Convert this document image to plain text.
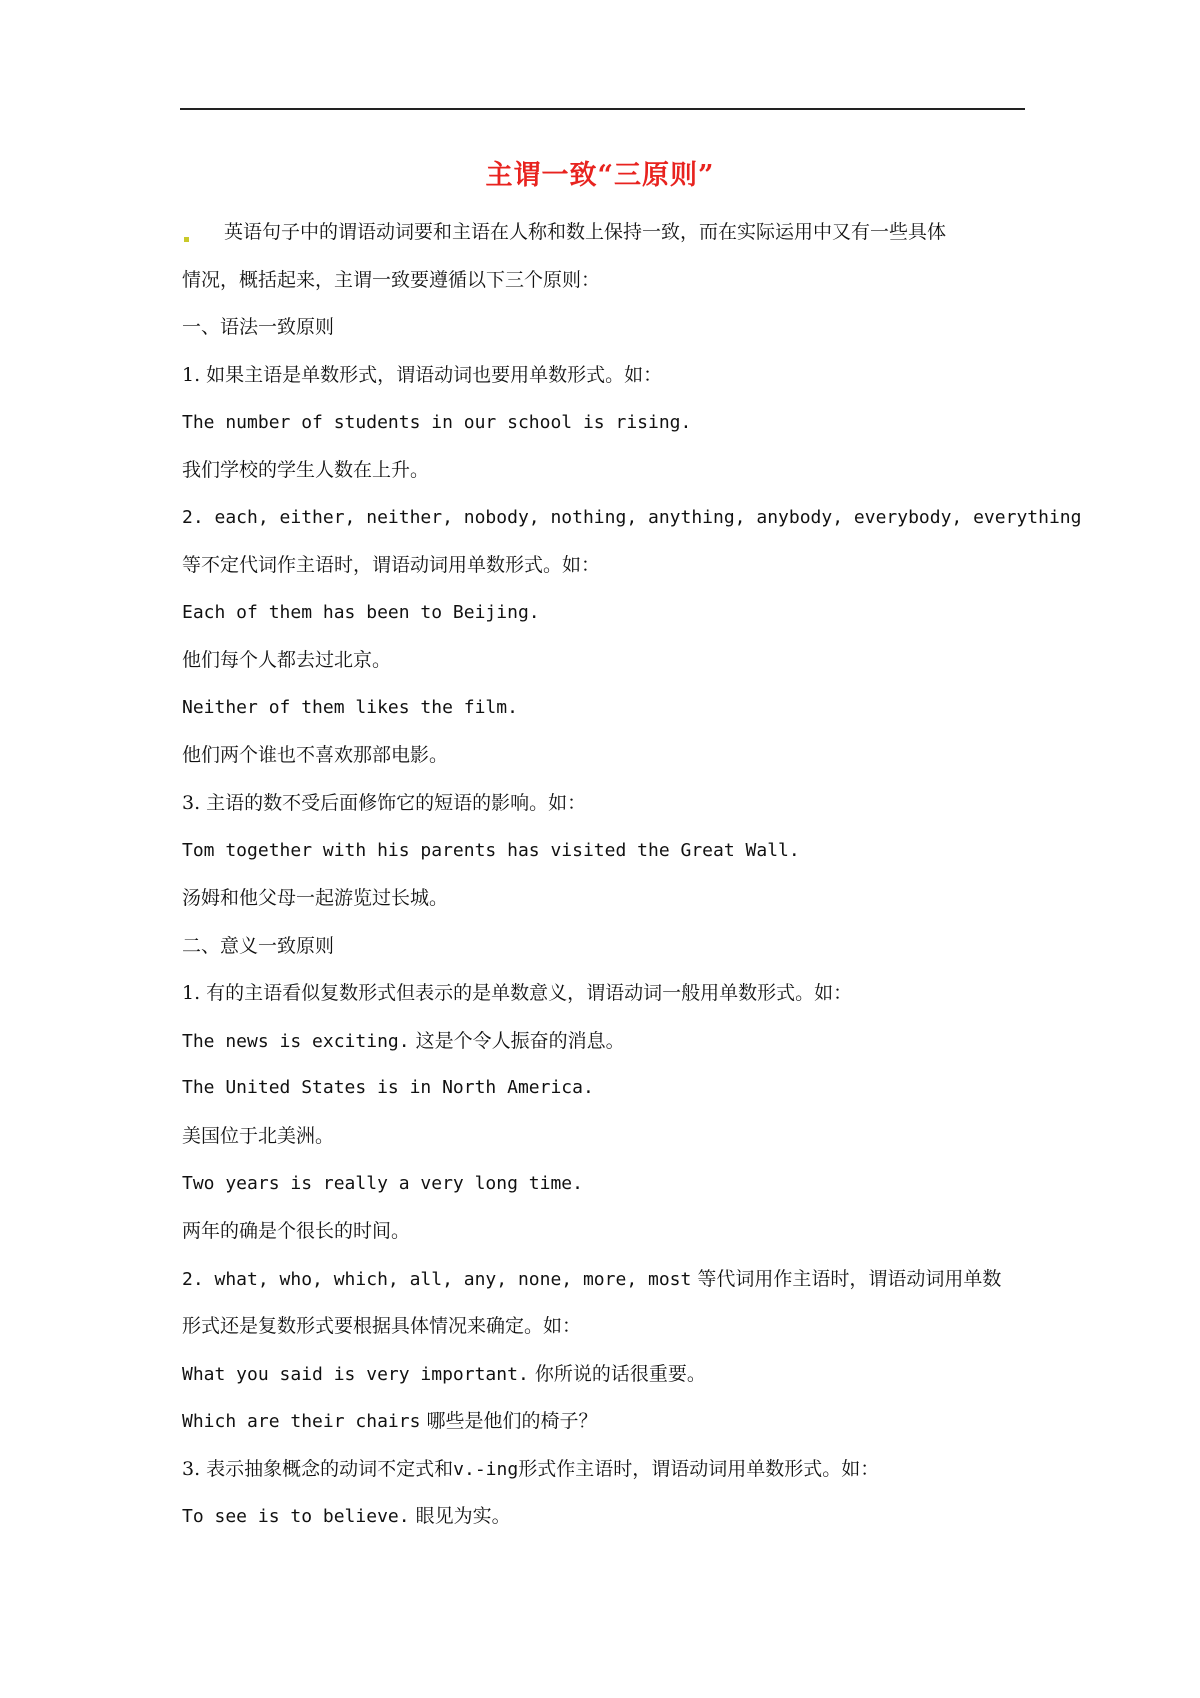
主谓一致“三原则”
英语句子中的谓语动词要和主语在人称和数上保持一致，而在实际运用中又有一些具体
情况，概括起来，主谓一致要遵循以下三个原则：
一、语法一致原则
1. 如果主语是单数形式，谓语动词也要用单数形式。如：
The number of students in our school is rising.
我们学校的学生人数在上升。
2. each, either, neither, nobody, nothing, anything, anybody, everybody, everything
等不定代词作主语时，谓语动词用单数形式。如：
Each of them has been to Beijing.
他们每个人都去过北京。
Neither of them likes the film.
他们两个谁也不喜欢那部电影。
3. 主语的数不受后面修饰它的短语的影响。如：
Tom together with his parents has visited the Great Wall.
汤姆和他父母一起游览过长城。
二、意义一致原则
1. 有的主语看似复数形式但表示的是单数意义，谓语动词一般用单数形式。如：
The news is exciting. 这是个令人振奋的消息。
The United States is in North America.
美国位于北美洲。
Two years is really a very long time.
两年的确是个很长的时间。
2. what, who, which, all, any, none, more, most 等代词用作主语时，谓语动词用单数
形式还是复数形式要根据具体情况来确定。如：
What you said is very important. 你所说的话很重要。
Which are their chairs 哪些是他们的椅子？
3. 表示抽象概念的动词不定式和v.-ing形式作主语时，谓语动词用单数形式。如：
To see is to believe. 眼见为实。
